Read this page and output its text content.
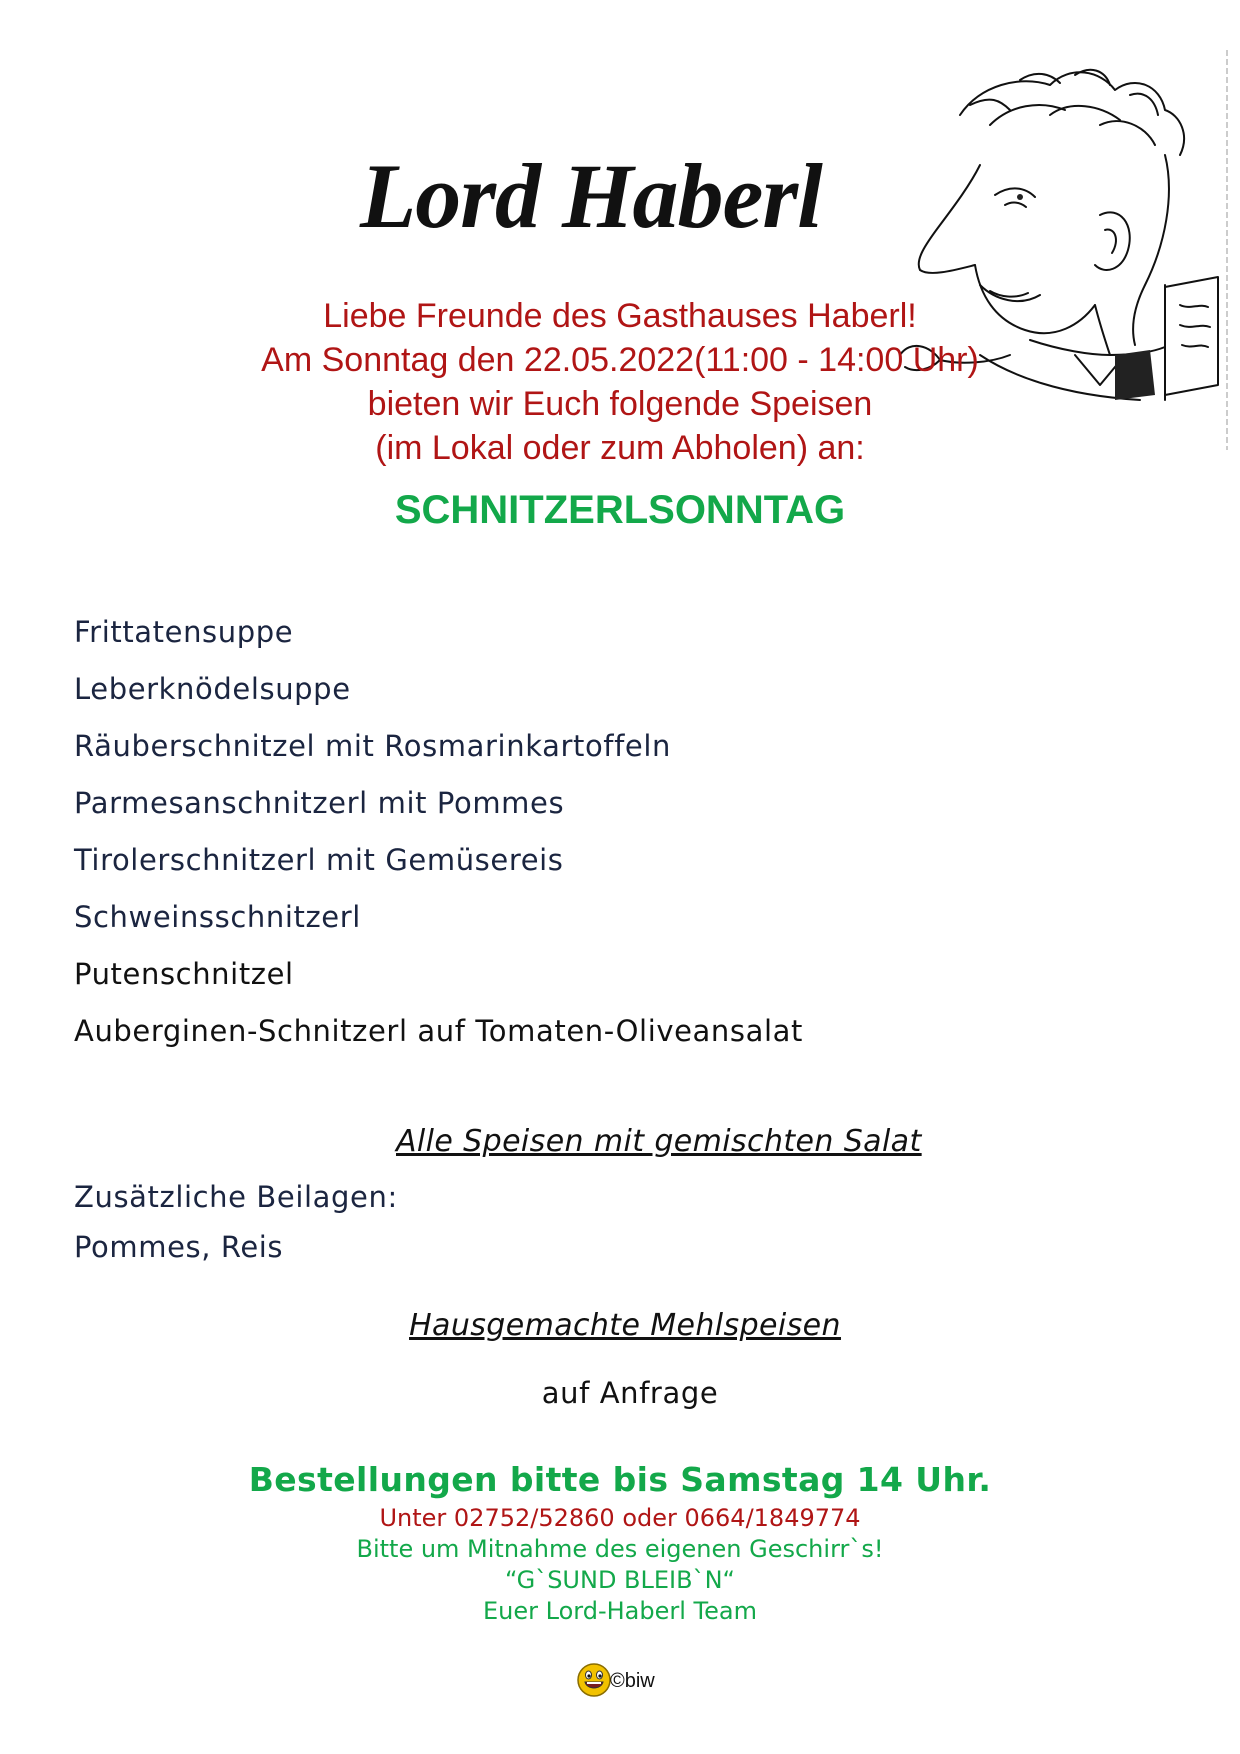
Lord Haberl
Liebe Freunde des Gasthauses Haberl!
Am Sonntag den 22.05.2022(11:00 - 14:00 Uhr)
bieten wir Euch folgende Speisen
(im Lokal oder zum Abholen) an:
SCHNITZERLSONNTAG
Frittatensuppe
Leberknödelsuppe
Räuberschnitzel mit Rosmarinkartoffeln
Parmesanschnitzerl mit Pommes
Tirolerschnitzerl mit Gemüsereis
Schweinsschnitzerl
Putenschnitzel
Auberginen-Schnitzerl auf Tomaten-Oliveansalat
Alle Speisen mit gemischten Salat
Zusätzliche Beilagen:
Pommes, Reis
Hausgemachte Mehlspeisen
auf Anfrage
Bestellungen bitte bis Samstag 14 Uhr.
Unter 02752/52860 oder 0664/1849774
Bitte um Mitnahme des eigenen Geschirr`s!
“G`SUND BLEIB`N“
Euer Lord-Haberl Team
©biw
